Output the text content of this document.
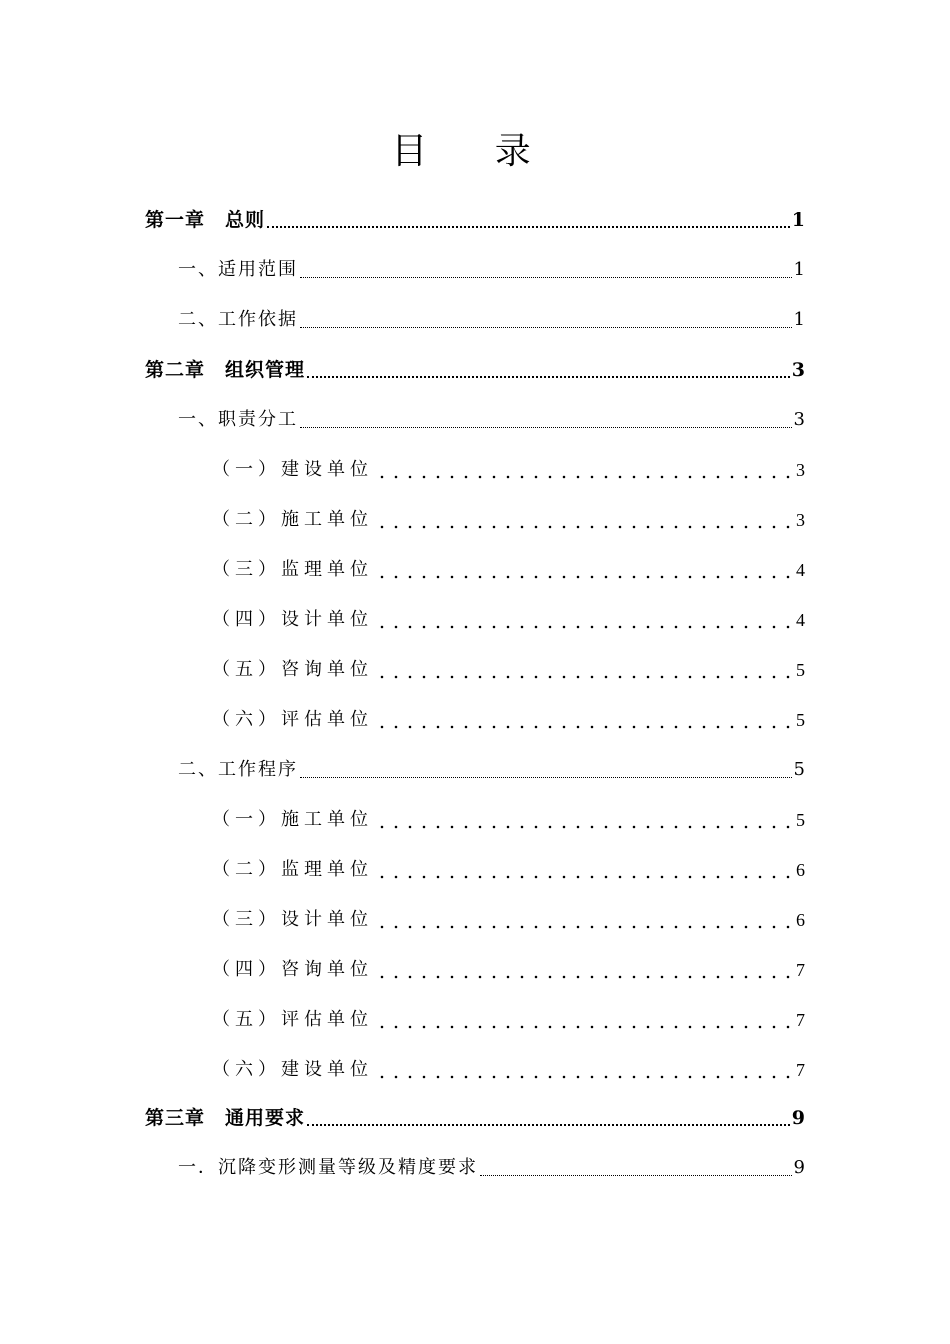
目 录
第一章　总则	1
一、适用范围	1
二、工作依据	1
第二章　组织管理	3
一、职责分工	3
（一）建设单位	3
（二）施工单位	3
（三）监理单位	4
（四）设计单位	4
（五）咨询单位	5
（六）评估单位	5
二、工作程序	5
（一）施工单位	5
（二）监理单位	6
（三）设计单位	6
（四）咨询单位	7
（五）评估单位	7
（六）建设单位	7
第三章　通用要求	9
一．沉降变形测量等级及精度要求	9
